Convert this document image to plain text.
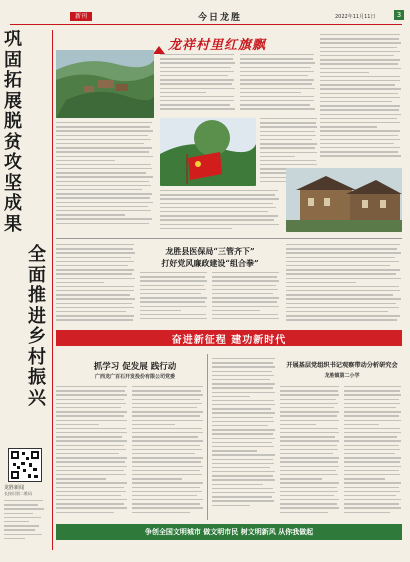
新刊	今日龙胜	2022年11月11日	3
巩固拓展脱贫攻坚成果
全面推进乡村振兴
龙胜新闻
长按识别二维码
龙祥村里红旗飘
龙胜县医保局“三管齐下”
打好党风廉政建设“组合拳”
奋进新征程 建功新时代
抓学习 促发展 践行动
广西龙广百石开发投份有限公司党委
开展基层党组织书记观察带动分析研究会
龙胜镇第二小学
争创全国文明城市 做文明市民 树文明新风 从你我做起
